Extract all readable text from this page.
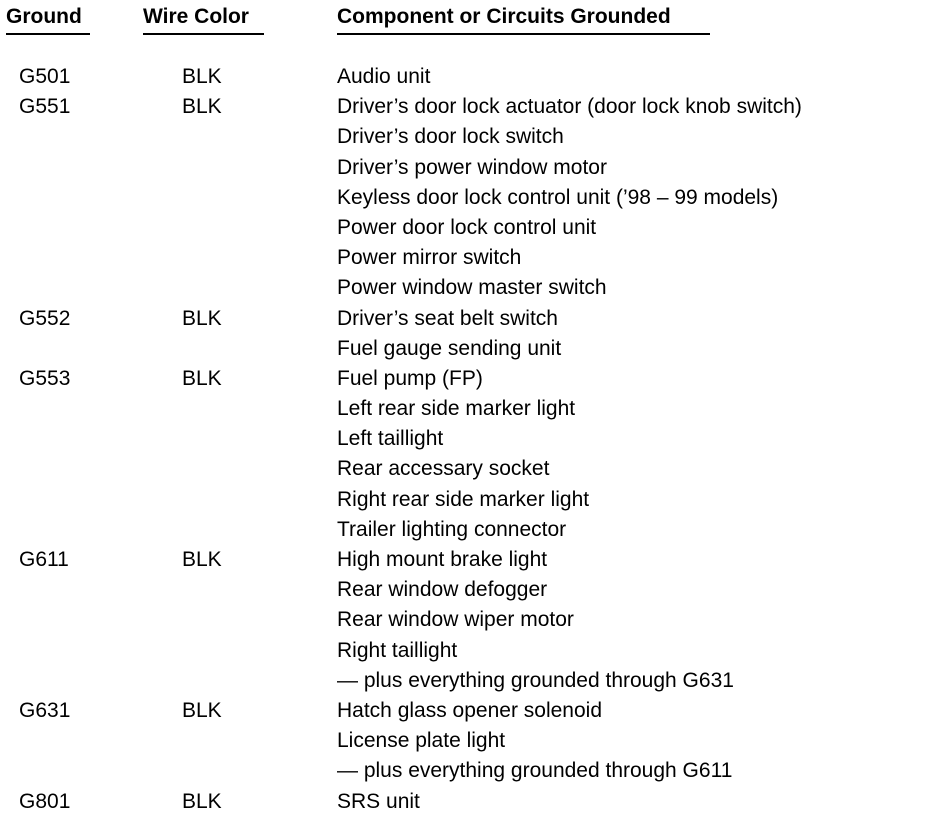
Ground	Wire Color	Component or Circuits Grounded
G501	BLK	Audio unit
G551	BLK	Driver’s door lock actuator (door lock knob switch)
Driver’s door lock switch
Driver’s power window motor
Keyless door lock control unit (’98 – 99 models)
Power door lock control unit
Power mirror switch
Power window master switch
G552	BLK	Driver’s seat belt switch
Fuel gauge sending unit
G553	BLK	Fuel pump (FP)
Left rear side marker light
Left taillight
Rear accessary socket
Right rear side marker light
Trailer lighting connector
G611	BLK	High mount brake light
Rear window defogger
Rear window wiper motor
Right taillight
— plus everything grounded through G631
G631	BLK	Hatch glass opener solenoid
License plate light
— plus everything grounded through G611
G801	BLK	SRS unit
